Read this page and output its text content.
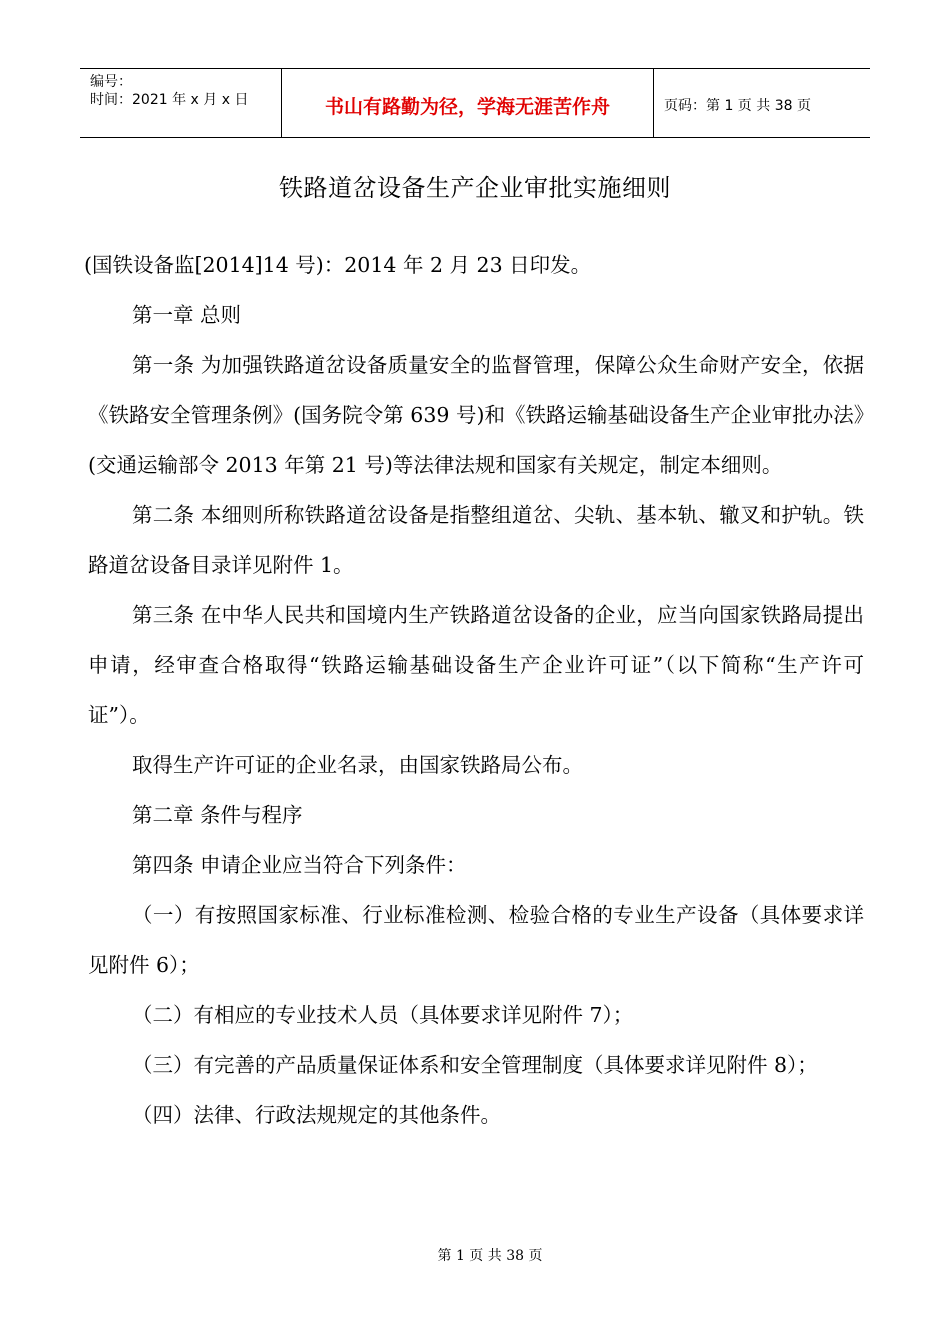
编号：
时间：2021 年 x 月 x 日	书山有路勤为径，学海无涯苦作舟	页码：第 1 页 共 38 页
铁路道岔设备生产企业审批实施细则

(国铁设备监[2014]14 号)：2014 年 2 月 23 日印发。

第一章 总则

第一条 为加强铁路道岔设备质量安全的监督管理，保障公众生命财产安全，依据《铁路安全管理条例》(国务院令第 639 号)和《铁路运输基础设备生产企业审批办法》(交通运输部令 2013 年第 21 号)等法律法规和国家有关规定，制定本细则。

第二条 本细则所称铁路道岔设备是指整组道岔、尖轨、基本轨、辙叉和护轨。铁路道岔设备目录详见附件 1。

第三条 在中华人民共和国境内生产铁路道岔设备的企业，应当向国家铁路局提出申请，经审查合格取得“铁路运输基础设备生产企业许可证”（以下简称“生产许可证”）。

取得生产许可证的企业名录，由国家铁路局公布。

第二章 条件与程序

第四条 申请企业应当符合下列条件：

（一）有按照国家标准、行业标准检测、检验合格的专业生产设备（具体要求详见附件 6）；

（二）有相应的专业技术人员（具体要求详见附件 7）；

（三）有完善的产品质量保证体系和安全管理制度（具体要求详见附件 8）；

（四）法律、行政法规规定的其他条件。

第 1 页 共 38 页
